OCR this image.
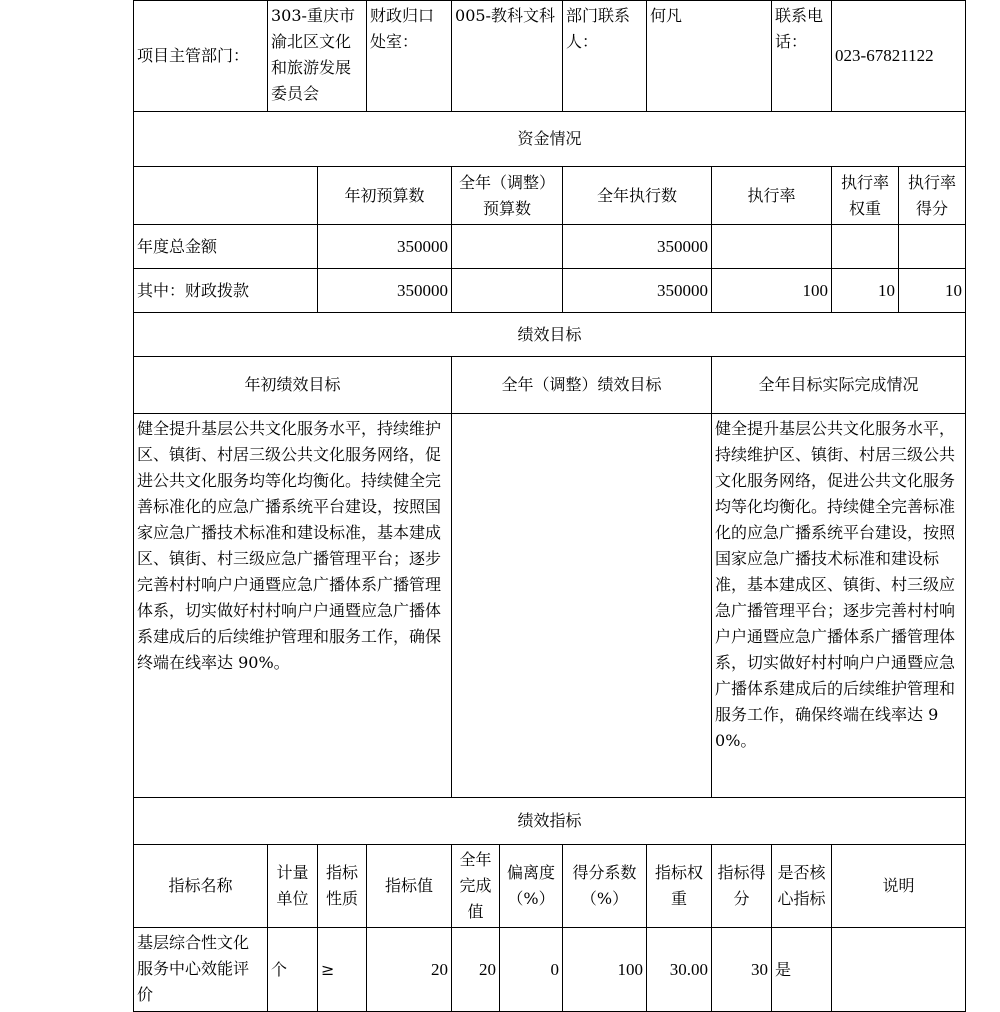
项目主管部门：	303-重庆市渝北区文化和旅游发展委员会		财政归口处室：	005-教科文科		部门联系人：	何凡		联系电话：	023-67821122	
资金情况											
		年初预算数		全年（调整）预算数		全年执行数		执行率		执行率权重	执行率得分
年度总金额		350000				350000					
其中：财政拨款		350000				350000		100		10	10
绩效目标											
年初绩效目标				全年（调整）绩效目标				全年目标实际完成情况			
健全提升基层公共文化服务水平，持续维护区、镇街、村居三级公共文化服务网络，促进公共文化服务均等化均衡化。持续健全完善标准化的应急广播系统平台建设，按照国家应急广播技术标准和建设标准，基本建成区、镇街、村三级应急广播管理平台；逐步完善村村响户户通暨应急广播体系广播管理体系，切实做好村村响户户通暨应急广播体系建成后的后续维护管理和服务工作，确保终端在线率达 90%。								健全提升基层公共文化服务水平，持续维护区、镇街、村居三级公共文化服务网络，促进公共文化服务均等化均衡化。持续健全完善标准化的应急广播系统平台建设，按照国家应急广播技术标准和建设标准，基本建成区、镇街、村三级应急广播管理平台；逐步完善村村响户户通暨应急广播体系广播管理体系，切实做好村村响户户通暨应急广播体系建成后的后续维护管理和服务工作，确保终端在线率达 90%。			
绩效指标											
指标名称	计量单位	指标性质	指标值	全年完成值	偏离度（%）	得分系数（%）	指标权重	指标得分	是否核心指标	说明	
基层综合性文化服务中心效能评价	个	≥	20	20	0	100	30.00	30	是		
